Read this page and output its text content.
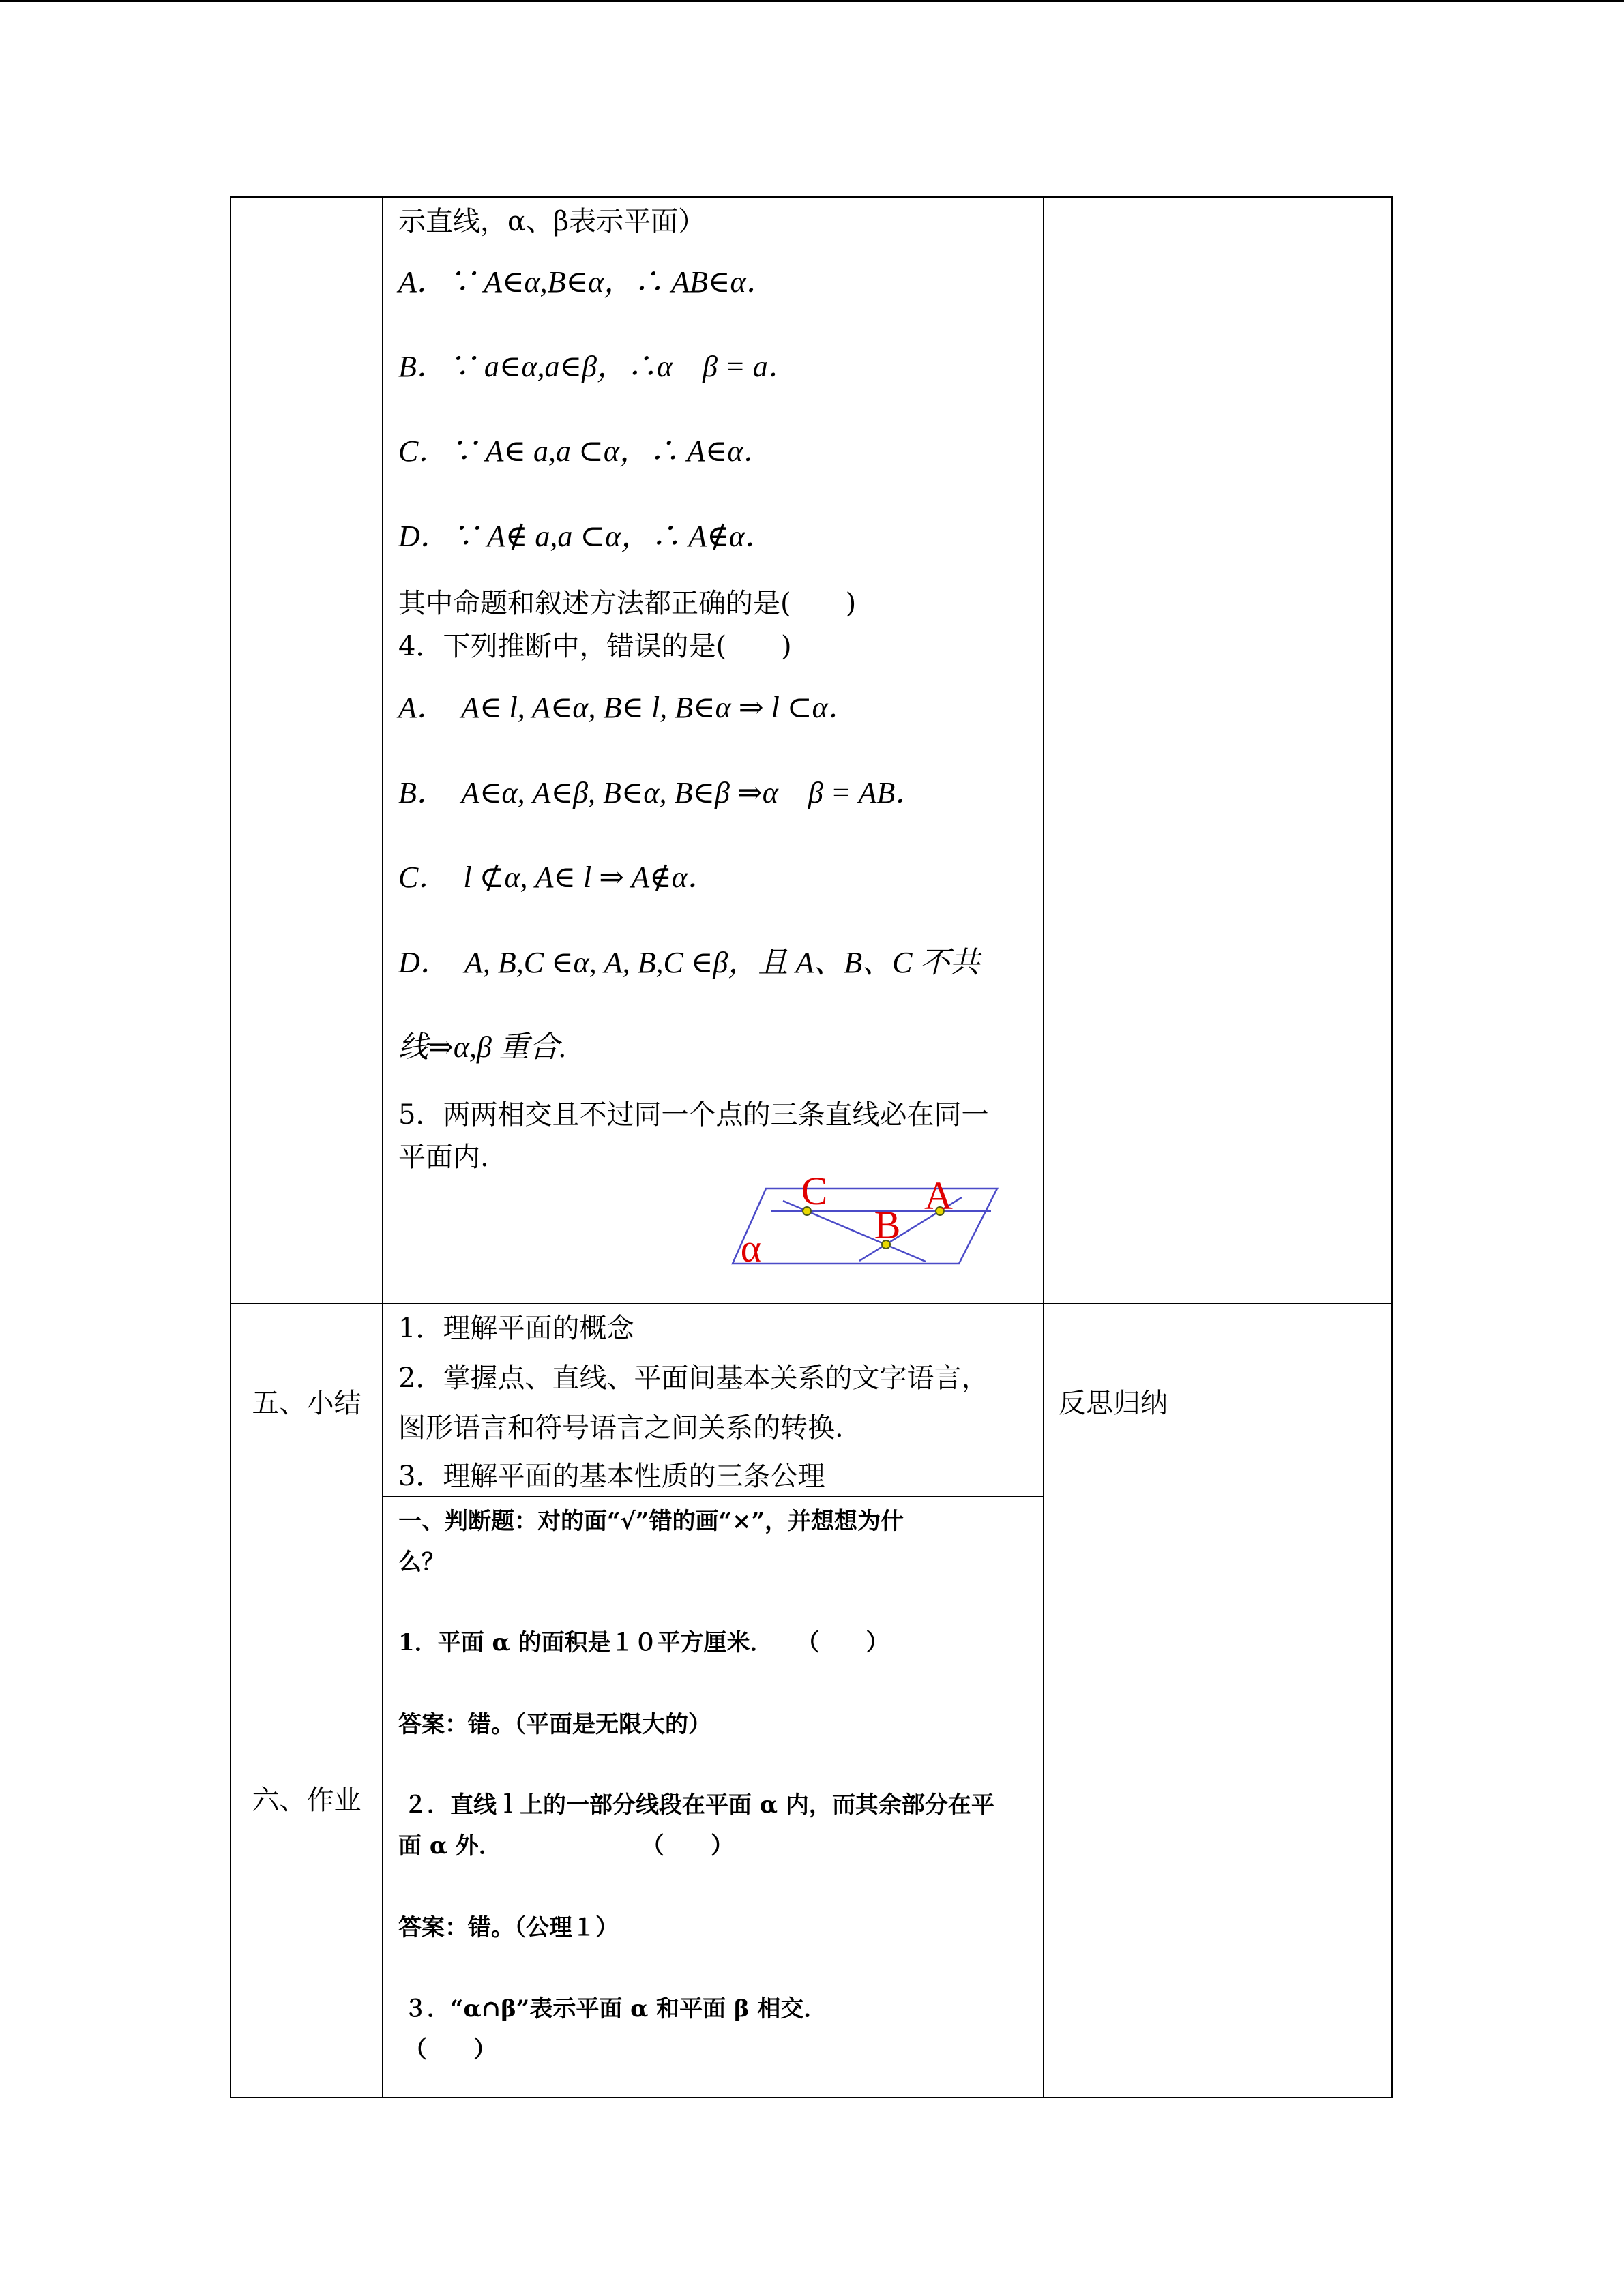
示直线，α、β表示平面）
A．∵ A∈α,B∈α，∴ AB∈α．
B．∵ a∈α,a∈β，∴α    β = a．
C．∵ A∈ a,a ⊂α，∴ A∈α．
D．∵ A∉ a,a ⊂α，∴ A∉α．
其中命题和叙述方法都正确的是(　　)
4．下列推断中，错误的是(　　)
A．  A∈ l, A∈α, B∈ l, B∈α ⇒ l ⊂α．
B．  A∈α, A∈β, B∈α, B∈β ⇒α    β = AB．
C．  l ⊄α, A∈ l ⇒ A∉α．
D．  A, B,C ∈α, A, B,C ∈β，且 A、B、C 不共
线⇒α,β 重合.
5．两两相交且不过同一个点的三条直线必在同一
平面内.
C A
B
α
五、小结
六、作业
1．理解平面的概念
2．掌握点、直线、平面间基本关系的文字语言，
图形语言和符号语言之间关系的转换.
3．理解平面的基本性质的三条公理
一、判断题：对的面“√”错的画“×”，并想想为什
么？
1．平面 α 的面积是１０平方厘米．　　（　　）
答案：错。（平面是无限大的）
２．直线ｌ上的一部分线段在平面 α 内，而其余部分在平
面 α 外．　　　　　　　（　　）
答案：错。（公理１）
３．“α∩β”表示平面 α 和平面 β 相交．
（　　）
反思归纳
